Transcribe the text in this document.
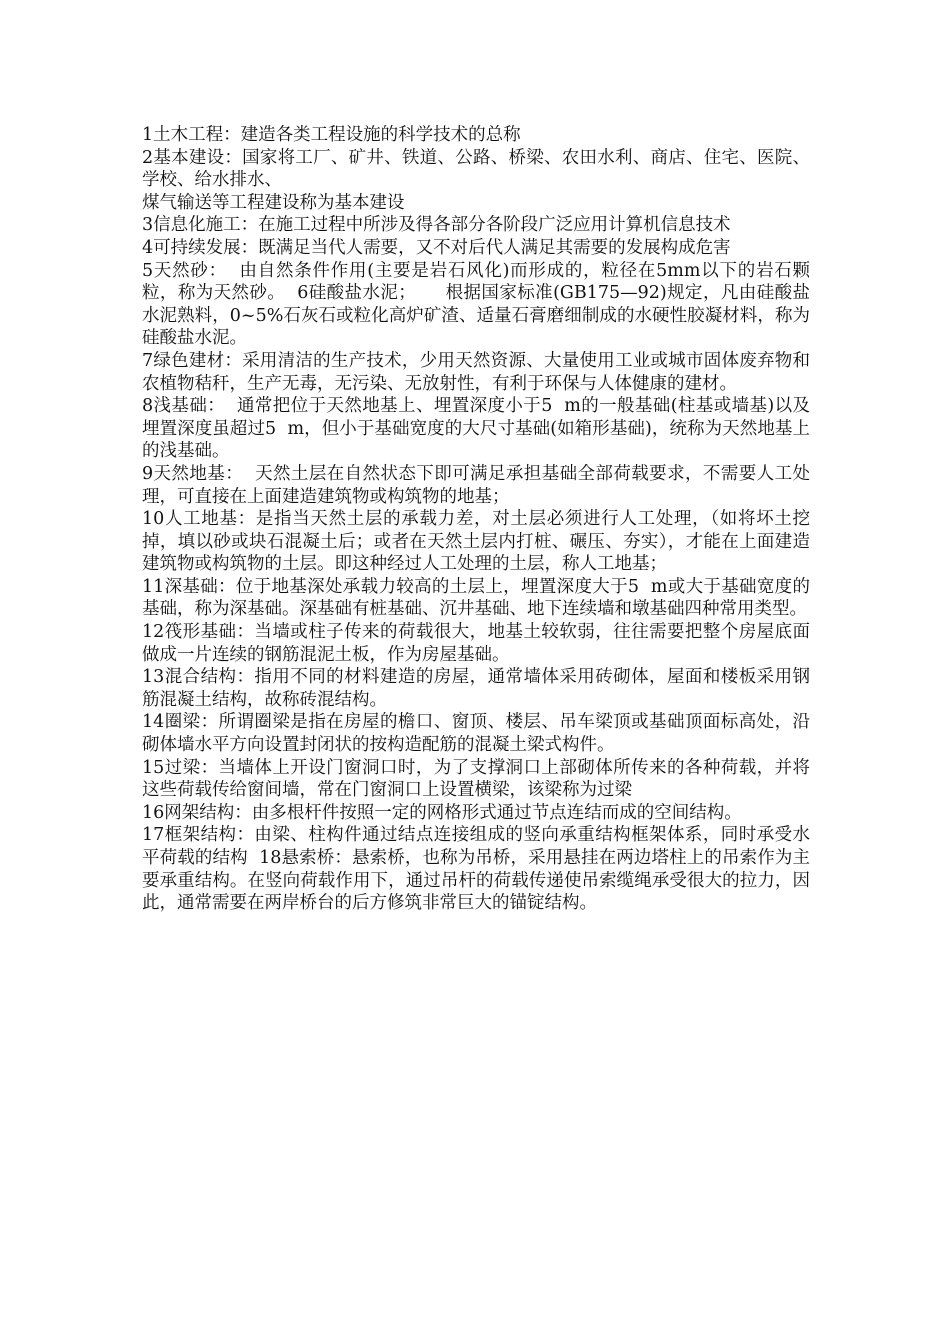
1土木工程：建造各类工程设施的科学技术的总称

2基本建设：国家将工厂、矿井、铁道、公路、桥梁、农田水利、商店、住宅、医院、学校、给水排水、

煤气输送等工程建设称为基本建设

3信息化施工：在施工过程中所涉及得各部分各阶段广泛应用计算机信息技术

4可持续发展：既满足当代人需要，又不对后代人满足其需要的发展构成危害

5天然砂：  由自然条件作用(主要是岩石风化)而形成的，粒径在5mm以下的岩石颗粒，称为天然砂。  6硅酸盐水泥；     根据国家标准(GB175—92)规定，凡由硅酸盐水泥熟料，0~5%石灰石或粒化高炉矿渣、适量石膏磨细制成的水硬性胶凝材料，称为硅酸盐水泥。

7绿色建材：采用清洁的生产技术，少用天然资源、大量使用工业或城市固体废弃物和农植物秸秆，生产无毒，无污染、无放射性，有利于环保与人体健康的建材。

8浅基础：  通常把位于天然地基上、埋置深度小于5  m的一般基础(柱基或墙基)以及埋置深度虽超过5  m，但小于基础宽度的大尺寸基础(如箱形基础)，统称为天然地基上的浅基础。

9天然地基：  天然土层在自然状态下即可满足承担基础全部荷载要求，不需要人工处理，可直接在上面建造建筑物或构筑物的地基；

10人工地基：是指当天然土层的承载力差，对土层必须进行人工处理，（如将坏土挖掉，填以砂或块石混凝土后；或者在天然土层内打桩、碾压、夯实），才能在上面建造建筑物或构筑物的土层。即这种经过人工处理的土层，称人工地基；

11深基础：位于地基深处承载力较高的土层上，埋置深度大于5  m或大于基础宽度的基础，称为深基础。深基础有桩基础、沉井基础、地下连续墙和墩基础四种常用类型。

12筏形基础：当墙或柱子传来的荷载很大，地基土较软弱，往往需要把整个房屋底面做成一片连续的钢筋混泥土板，作为房屋基础。

13混合结构：指用不同的材料建造的房屋，通常墙体采用砖砌体，屋面和楼板采用钢筋混凝土结构，故称砖混结构。

14圈梁：所谓圈梁是指在房屋的檐口、窗顶、楼层、吊车梁顶或基础顶面标高处，沿砌体墙水平方向设置封闭状的按构造配筋的混凝土梁式构件。

15过梁：当墙体上开设门窗洞口时，为了支撑洞口上部砌体所传来的各种荷载，并将这些荷载传给窗间墙，常在门窗洞口上设置横梁，该梁称为过梁

16网架结构：由多根杆件按照一定的网格形式通过节点连结而成的空间结构。

17框架结构：由梁、柱构件通过结点连接组成的竖向承重结构框架体系，同时承受水平荷载的结构  18悬索桥：悬索桥，也称为吊桥，采用悬挂在两边塔柱上的吊索作为主要承重结构。在竖向荷载作用下，通过吊杆的荷载传递使吊索缆绳承受很大的拉力，因此，通常需要在两岸桥台的后方修筑非常巨大的锚锭结构。
